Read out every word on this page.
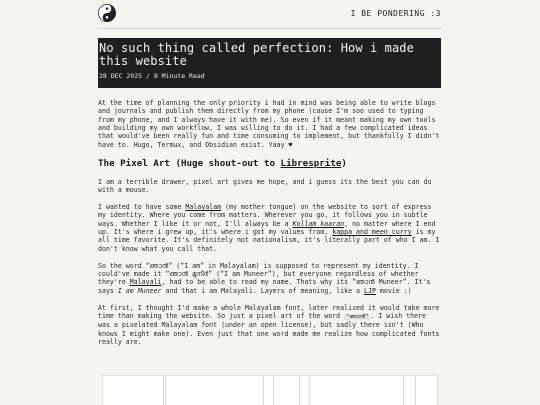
I BE PONDERING :3
No such thing called perfection: How i made this website
28 DEC 2025 / 8 Minute Read

At the time of planning the only priority i had in mind was being able to write blogs and journals and publish them directly from my phone (cause I'm soo used to typing from my phone, and I always have it with me). So even if it meant making my own tools and building my own workflow, I was willing to do it. I had a few complicated ideas that would've been really fun and time consuming to implement, but thankfully I didn't have to. Hugo, Termux, and Obsidian exist. Yaay ♥

The Pixel Art (Huge shout-out to Libresprite)

I am a terrible drawer, pixel art gives me hope, and i guess its the best you can do with a mouse.

I wanted to have some Malayalam (my mother tongue) on the website to sort of express my identity. Where you come from matters. Wherever you go, it follows you in subtle ways. Whether I like it or not, I'll always be a Kollam kaaran, no matter where I end up. It's where i grew up, it's where i got my values from, kappa and meen curry is my all time favorite. It's definitely not nationalism, it's literally part of who I am. I don't know what you call that.

So the word “ഞാൻ” (“I am” in Malayalam) is supposed to represent my identity. I could've made it “ഞാൻ മുനീർ” (“I am Muneer”), but everyone regardless of whether they're Malayali, had to be able to read my name. Thats why its “ഞാൻ Muneer”. It's says I am Muneer and that i am Malayali. Layers of meaning, like a LJP movie :)

At first, I thought I'd make a whole Malayalam font, later realized it would take more time than making the website. So just a pixel art of the word “ഞാൻ” . I wish there was a pixelated Malayalam font (under an open license), but sadly there isn't (Who knows I might make one). Even just that one word made me realize how complicated fonts really are.
